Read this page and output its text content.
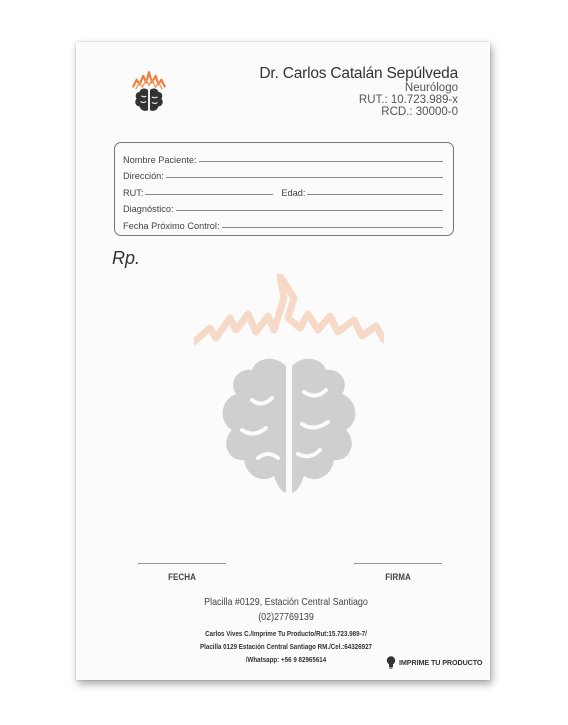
Dr. Carlos Catalán Sepúlveda
Neurólogo
RUT.: 10.723.989-x
RCD.: 30000-0
Nombre Paciente:
Dirección:
RUT:	Edad:
Diagnóstico:
Fecha Próximo Control:
Rp.
FECHA	FIRMA
Placilla #0129, Estación Central Santiago
(02)27769139
Carlos Vives C./Imprime Tu Producto/Rut:15.723.989-7/
Placilla 0129 Estación Central Santiago RM./Cel.:64326927
/Whatsapp: +56 9 82965614	IMPRIME TU PRODUCTO
